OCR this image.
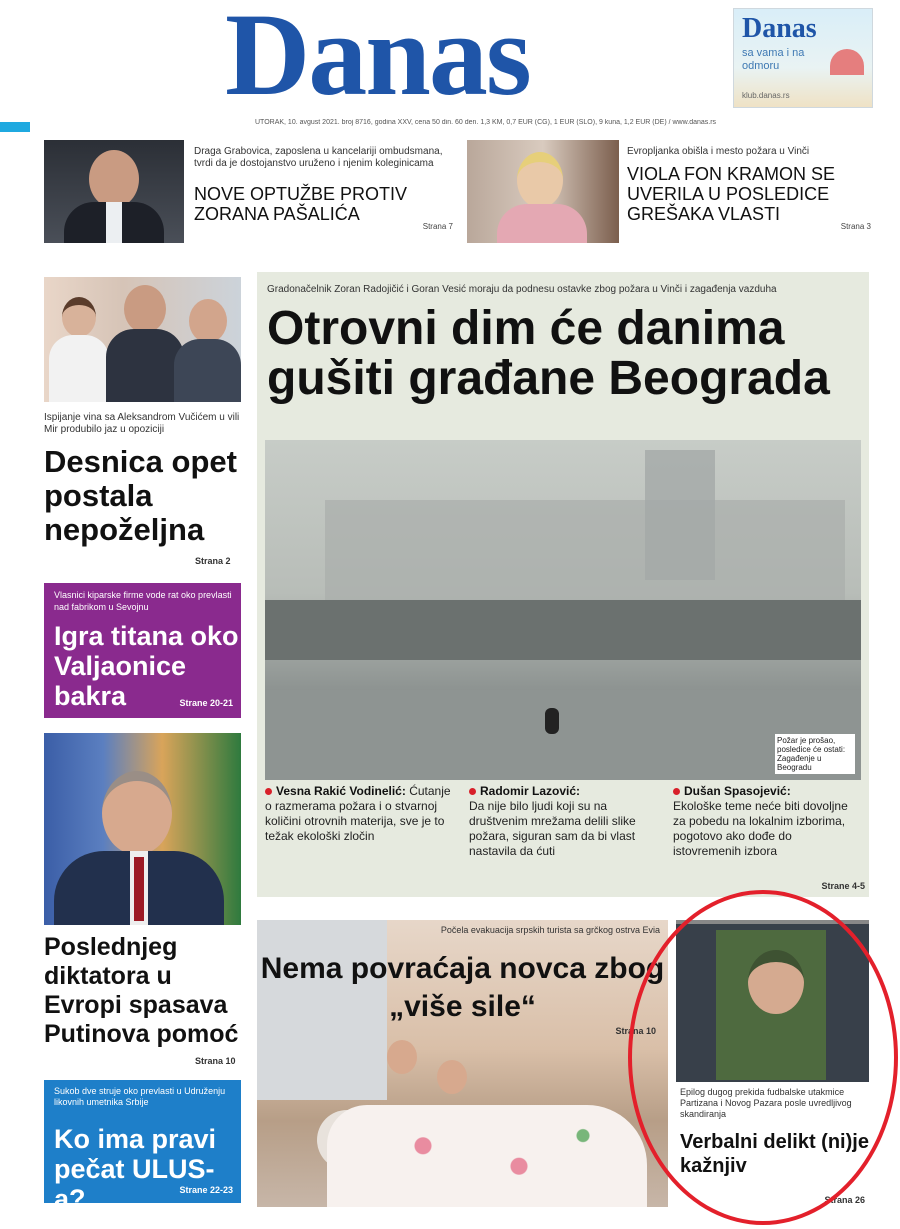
Danas	Danas
sa vama i na odmoru
klub.danas.rs
UTORAK, 10. avgust 2021. broj 8716, godina XXV, cena 50 din. 60 den. 1,3 KM, 0,7 EUR (CG), 1 EUR (SLO), 9 kuna, 1,2 EUR (DE) / www.danas.rs
Draga Grabovica, zaposlena u kancelariji ombudsmana, tvrdi da je dostojanstvo uruženo i njenim koleginicama
NOVE OPTUŽBE PROTIV ZORANA PAŠALIĆA
Strana 7
Evropljanka obišla i mesto požara u Vinči
VIOLA FON KRAMON SE UVERILA U POSLEDICE GREŠAKA VLASTI
Strana 3
Ispijanje vina sa Aleksandrom Vučićem u vili Mir produbilo jaz u opoziciji
Desnica opet postala nepoželjna
Strana 2
Vlasnici kiparske firme vode rat oko prevlasti nad fabrikom u Sevojnu
Igra titana oko Valjaonice bakra	Strane 20-21
Poslednjeg diktatora u Evropi spasava Putinova pomoć
Strana 10
Sukob dve struje oko prevlasti u Udruženju likovnih umetnika Srbije
Ko ima pravi pečat ULUS-a?	Strane 22-23
Gradonačelnik Zoran Radojičić i Goran Vesić moraju da podnesu ostavke zbog požara u Vinči i zagađenja vazduha
Otrovni dim će danima gušiti građane Beograda
Požar je prošao, posledice će ostati: Zagađenje u Beogradu
Vesna Rakić Vodinelić: Ćutanje o razmerama požara i o stvarnoj količini otrovnih materija, sve je to težak ekološki zločin
Radomir Lazović:
Da nije bilo ljudi koji su na društvenim mrežama delili slike požara, siguran sam da bi vlast nastavila da ćuti
Dušan Spasojević:
Ekološke teme neće biti dovoljne za pobedu na lokalnim izborima, pogotovo ako dođe do istovremenih izbora
Strane 4-5
Počela evakuacija srpskih turista sa grčkog ostrva Evia
Nema povraćaja novca zbog „više sile“
Strana 10
Epilog dugog prekida fudbalske utakmice Partizana i Novog Pazara posle uvredljivog skandiranja
Verbalni delikt (ni)je kažnjiv
Strana 26
